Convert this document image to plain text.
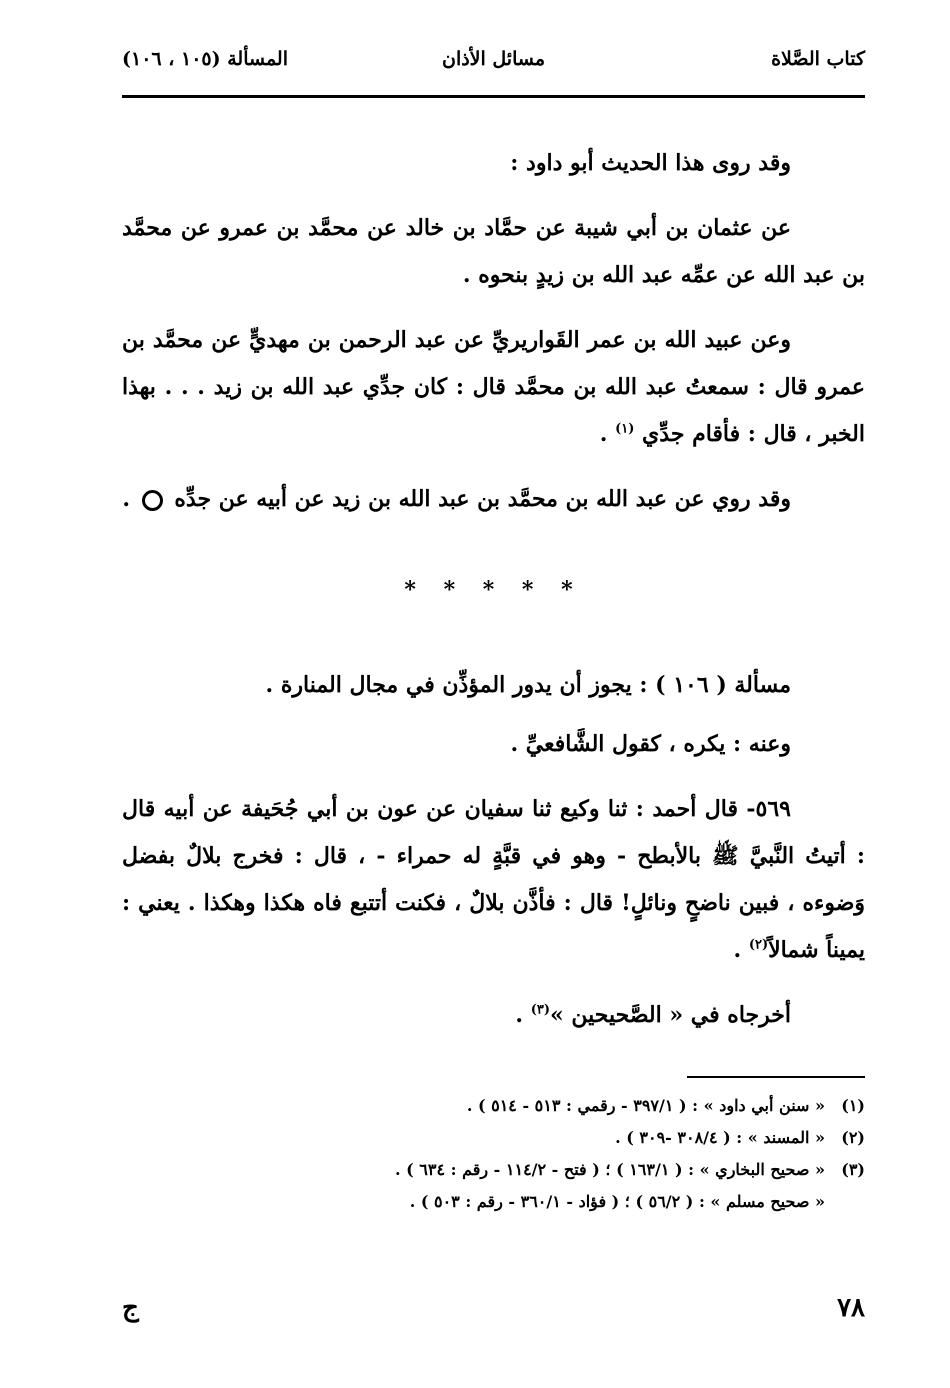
كتاب الصَّلاة
مسائل الأذان
المسألة (١٠٥ ، ١٠٦)

وقد روى هذا الحديث أبو داود :

عن عثمان بن أبي شيبة عن حمَّاد بن خالد عن محمَّد بن عمرو عن محمَّد بن عبد الله عن عمِّه عبد الله بن زيدٍ بنحوه .

وعن عبيد الله بن عمر القَواريريِّ عن عبد الرحمن بن مهديٍّ عن محمَّد بن عمرو قال : سمعتُ عبد الله بن محمَّد قال : كان جدِّي عبد الله بن زيد . . . بهذا الخبر ، قال : فأقام جدِّي $^{(١)}$ .

وقد روي عن عبد الله بن محمَّد بن عبد الله بن زيد عن أبيه عن جدِّه  .

* * * * *

مسألة ( ١٠٦ ) : يجوز أن يدور المؤذِّن في مجال المنارة .

وعنه : يكره ، كقول الشَّافعيِّ .

٥٦٩- قال أحمد : ثنا وكيع ثنا سفيان عن عون بن أبي جُحَيفة عن أبيه قال : أتيتُ النَّبيَّ ﷺ بالأبطح - وهو في قبَّةٍ له حمراء - ، قال : فخرج بلالٌ بفضل وَضوءه ، فبين ناضحٍ ونائلٍ! قال : فأذَّن بلالٌ ، فكنت أتتبع فاه هكذا وهكذا . يعني : يميناً شمالاً$^{(٢)}$ .

أخرجاه في « الصَّحيحين »$^{(٣)}$ .

(١)« سنن أبي داود » : ( ٣٩٧/١ - رقمي : ٥١٣ - ٥١٤ ) .

(٢)« المسند » : ( ٣٠٨/٤ -٣٠٩ ) .

(٣)« صحيح البخاري » : ( ١٦٣/١ ) ؛ ( فتح - ١١٤/٢ - رقم : ٦٣٤ ) .

« صحيح مسلم » : ( ٥٦/٢ ) ؛ ( فؤاد - ٣٦٠/١ - رقم : ٥٠٣ ) .

٧٨
ج
